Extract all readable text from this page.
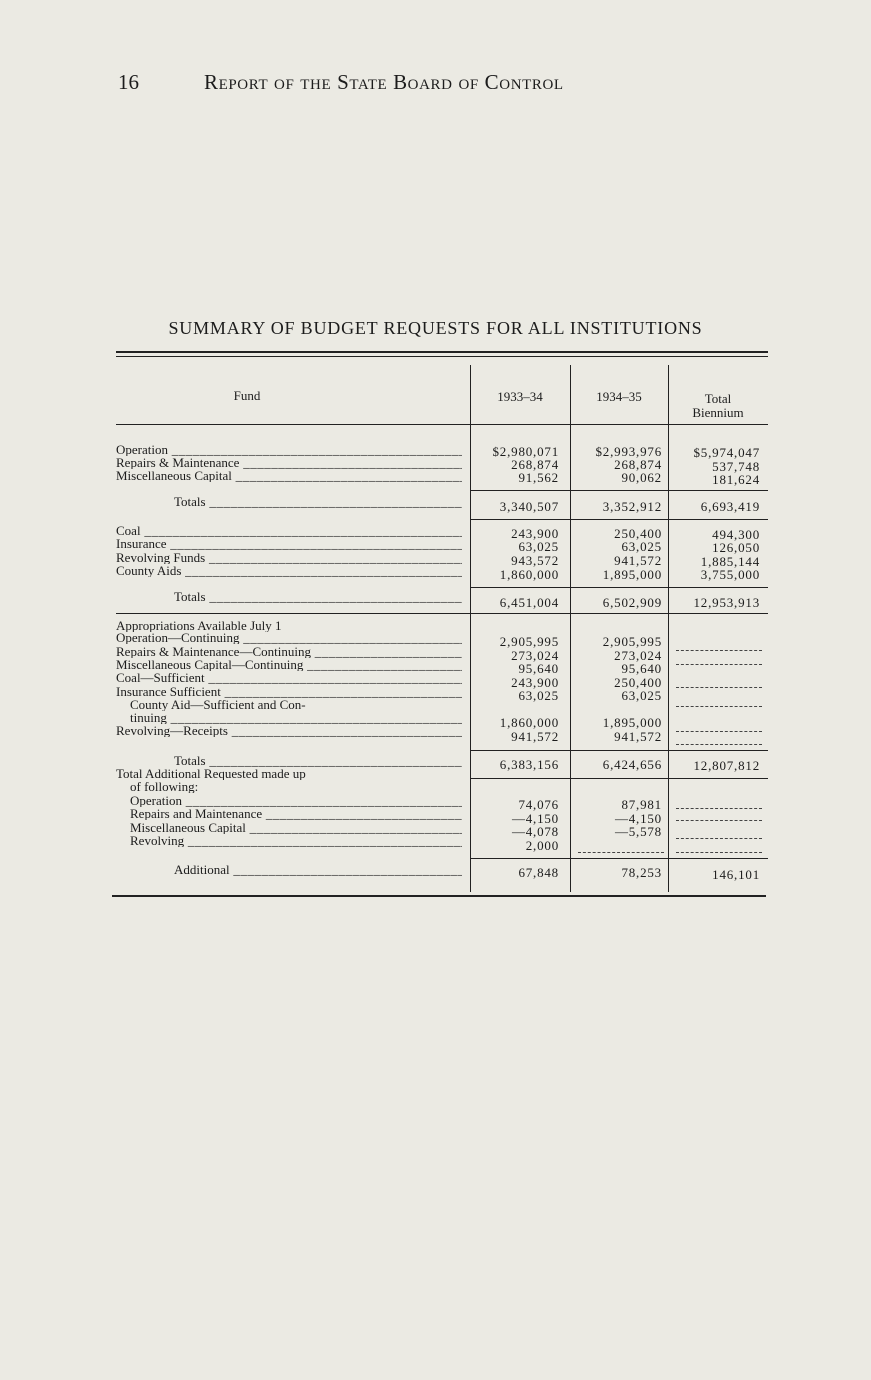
16	Report of the State Board of Control
SUMMARY OF BUDGET REQUESTS FOR ALL INSTITUTIONS
Fund	1933–34	1934–35	Total
Biennium
Operation _____	$2,980,071	$2,993,976	$5,974,047
Repairs & Maintenance _____	268,874	268,874	537,748
Miscellaneous Capital _____	91,562	90,062	181,624
Totals _____	3,340,507	3,352,912	6,693,419
Coal _____	243,900	250,400	494,300
Insurance _____	63,025	63,025	126,050
Revolving Funds _____	943,572	941,572	1,885,144
County Aids _____	1,860,000	1,895,000	3,755,000
Totals _____	6,451,004	6,502,909	12,953,913
Appropriations Available July 1
Operation—Continuing _____	2,905,995	2,905,995
Repairs & Maintenance—Continuing _____	273,024	273,024
Miscellaneous Capital—Continuing _____	95,640	95,640
Coal—Sufficient _____	243,900	250,400
Insurance Sufficient _____	63,025	63,025
County Aid—Sufficient and Con-
tinuing _____	1,860,000	1,895,000
Revolving—Receipts _____	941,572	941,572
Totals _____	6,383,156	6,424,656	12,807,812
Total Additional Requested made up
of following:
Operation _____	74,076	87,981
Repairs and Maintenance _____	—4,150	—4,150
Miscellaneous Capital _____	—4,078	—5,578
Revolving _____	2,000
Additional _____	67,848	78,253	146,101
